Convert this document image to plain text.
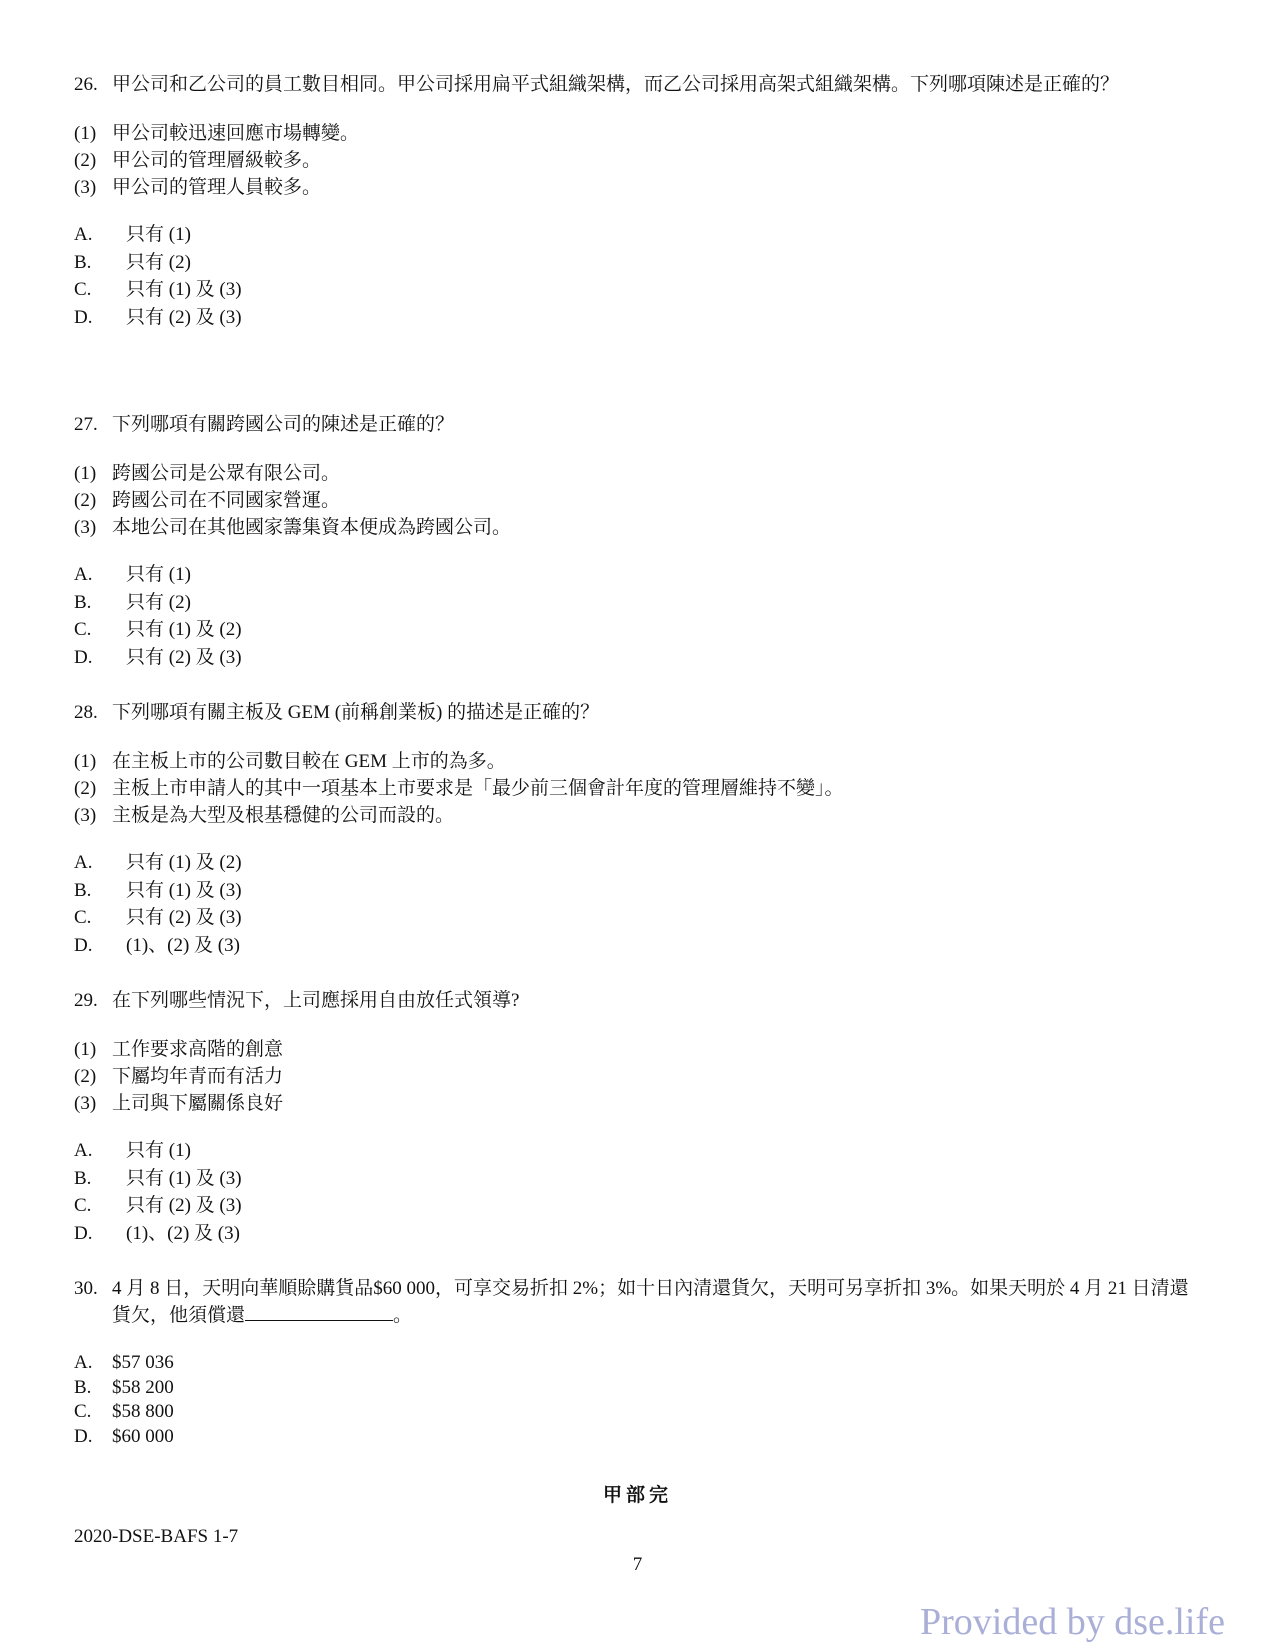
26. 甲公司和乙公司的員工數目相同。甲公司採用扁平式組織架構，而乙公司採用高架式組織架構。下列哪項陳述是正確的？
(1) 甲公司較迅速回應市場轉變。
(2) 甲公司的管理層級較多。
(3) 甲公司的管理人員較多。
A.	只有 (1)
B.	只有 (2)
C.	只有 (1) 及 (3)
D.	只有 (2) 及 (3)
27. 下列哪項有關跨國公司的陳述是正確的？
(1) 跨國公司是公眾有限公司。
(2) 跨國公司在不同國家營運。
(3) 本地公司在其他國家籌集資本便成為跨國公司。
A.	只有 (1)
B.	只有 (2)
C.	只有 (1) 及 (2)
D.	只有 (2) 及 (3)
28. 下列哪項有關主板及 GEM (前稱創業板) 的描述是正確的？
(1) 在主板上市的公司數目較在 GEM 上市的為多。
(2) 主板上市申請人的其中一項基本上市要求是「最少前三個會計年度的管理層維持不變」。
(3) 主板是為大型及根基穩健的公司而設的。
A.	只有 (1) 及 (2)
B.	只有 (1) 及 (3)
C.	只有 (2) 及 (3)
D.	(1)、(2) 及 (3)
29. 在下列哪些情況下，上司應採用自由放任式領導?
(1) 工作要求高階的創意
(2) 下屬均年青而有活力
(3) 上司與下屬關係良好
A.	只有 (1)
B.	只有 (1) 及 (3)
C.	只有 (2) 及 (3)
D.	(1)、(2) 及 (3)
30. 4 月 8 日，天明向華順賒購貨品$60 000，可享交易折扣 2%；如十日內清還貨欠，天明可另享折扣 3%。如果天明於 4 月 21 日清還貨欠，他須償還	。
A.	$57 036
B.	$58 200
C.	$58 800
D.	$60 000
甲部完
2020-DSE-BAFS 1-7
7
Provided by dse.life
